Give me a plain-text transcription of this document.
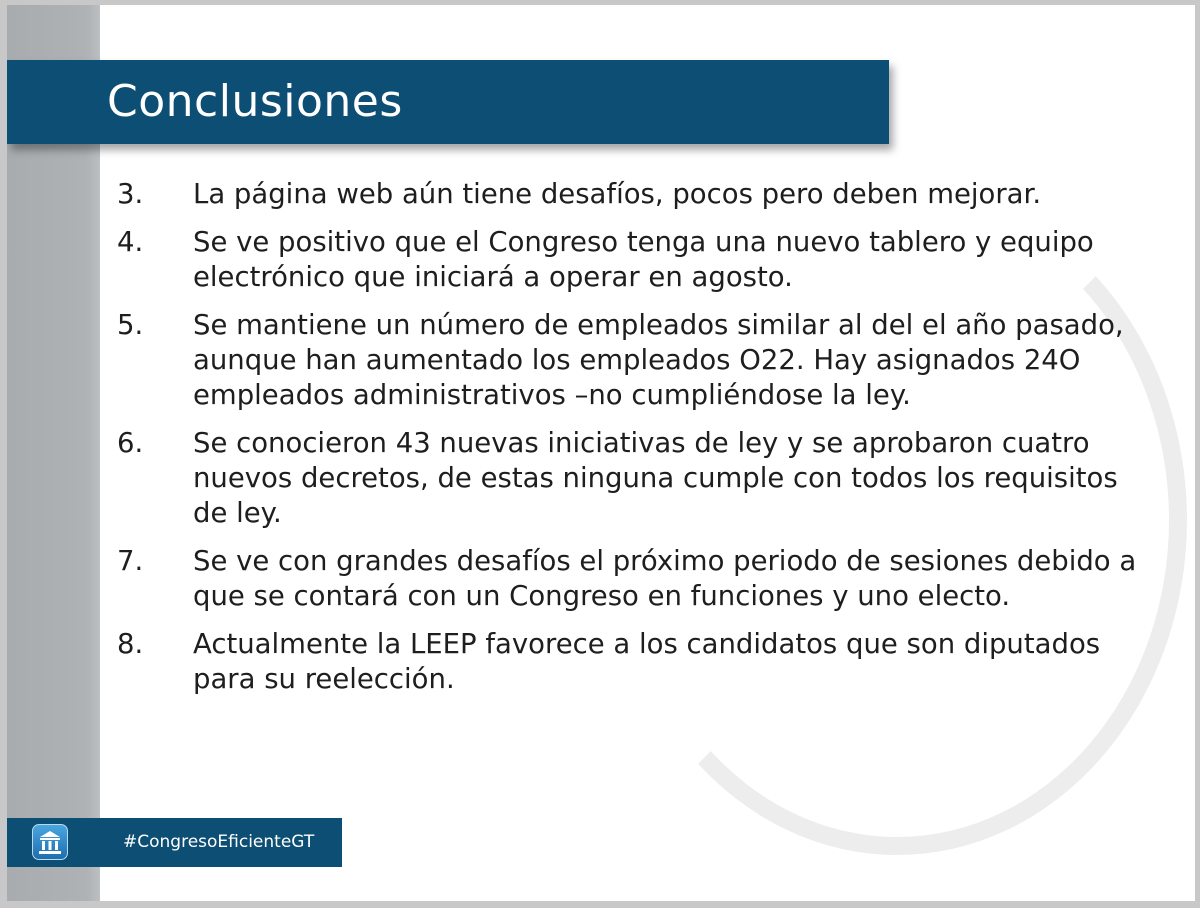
Conclusiones
3.	La página web aún tiene desafíos, pocos pero deben mejorar.
4.	Se ve positivo que el Congreso tenga una nuevo tablero y equipo electrónico que iniciará a operar en agosto.
5.	Se mantiene un número de empleados similar al del el año pasado, aunque han aumentado los empleados O22. Hay asignados 24O empleados administrativos –no cumpliéndose la ley.
6.	Se conocieron 43 nuevas iniciativas de ley y se aprobaron cuatro nuevos decretos, de estas ninguna cumple con todos los requisitos de ley.
7.	Se ve con grandes desafíos el próximo periodo de sesiones debido a que se contará con un Congreso en funciones y uno electo.
8.	Actualmente la LEEP favorece a los candidatos que son diputados para su reelección.
#CongresoEficienteGT
